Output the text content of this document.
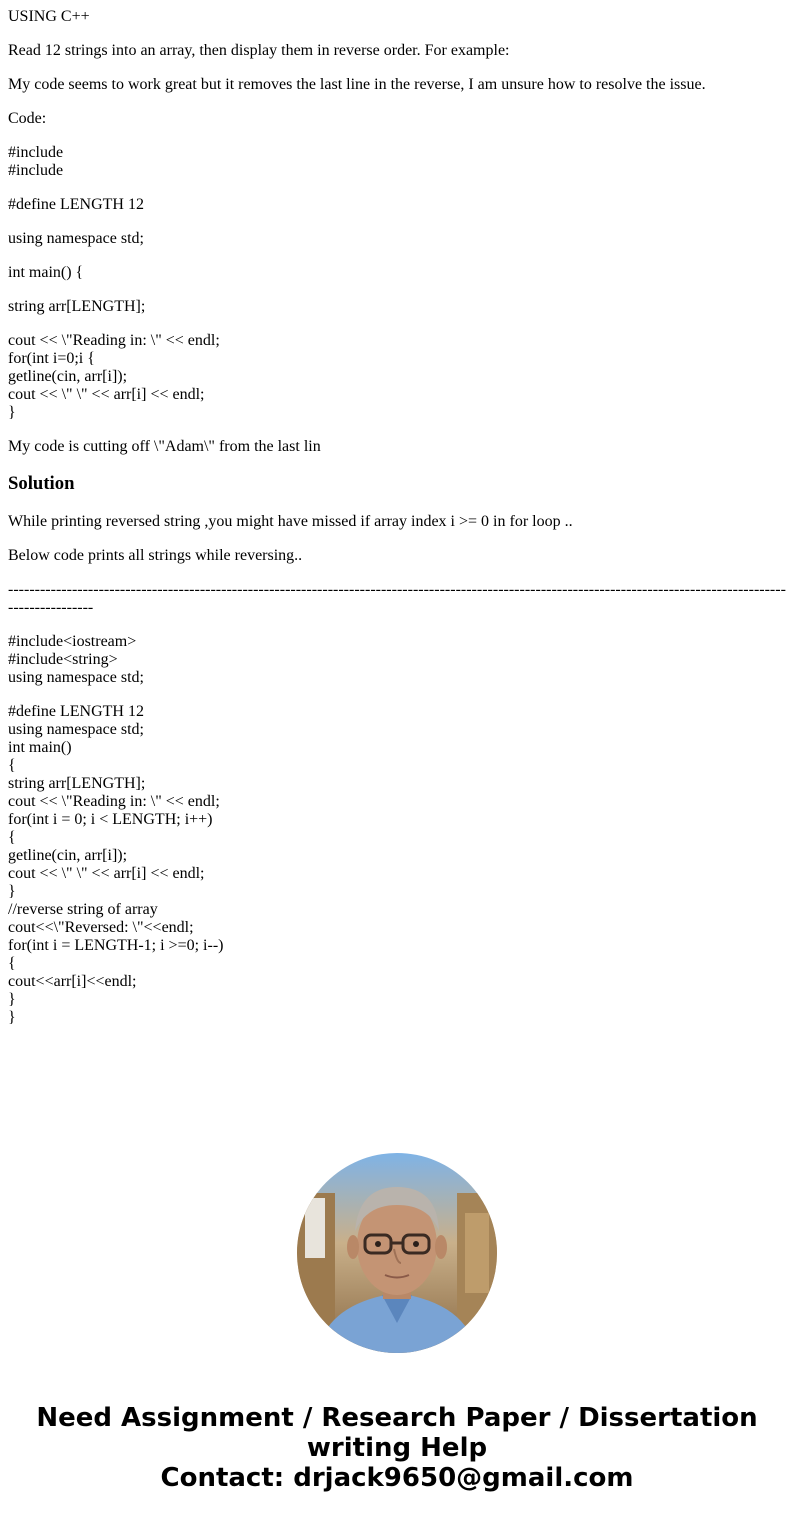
USING C++

Read 12 strings into an array, then display them in reverse order. For example:

My code seems to work great but it removes the last line in the reverse, I am unsure how to resolve the issue.

Code:

#include
#include

#define LENGTH 12

using namespace std;

int main() {

string arr[LENGTH];

cout << \"Reading in: \" << endl;
for(int i=0;i {
getline(cin, arr[i]);
cout << \" \" << arr[i] << endl;
}

My code is cutting off \"Adam\" from the last lin

Solution

While printing reversed string ,you might have missed if array index i >= 0 in for loop ..

Below code prints all strings while reversing..

------------------------------------------------------------------------------------------------------------------------------------------------------------------

#include<iostream>
#include<string>
using namespace std;

#define LENGTH 12
using namespace std;
int main()
{
string arr[LENGTH];
cout << \"Reading in: \" << endl;
for(int i = 0; i < LENGTH; i++)
{
getline(cin, arr[i]);
cout << \" \" << arr[i] << endl;
}
//reverse string of array
cout<<\"Reversed: \"<<endl;
for(int i = LENGTH-1; i >=0; i--)
{
cout<<arr[i]<<endl;
}
}

Need Assignment / Research Paper / Dissertation
writing Help
Contact: drjack9650@gmail.com
